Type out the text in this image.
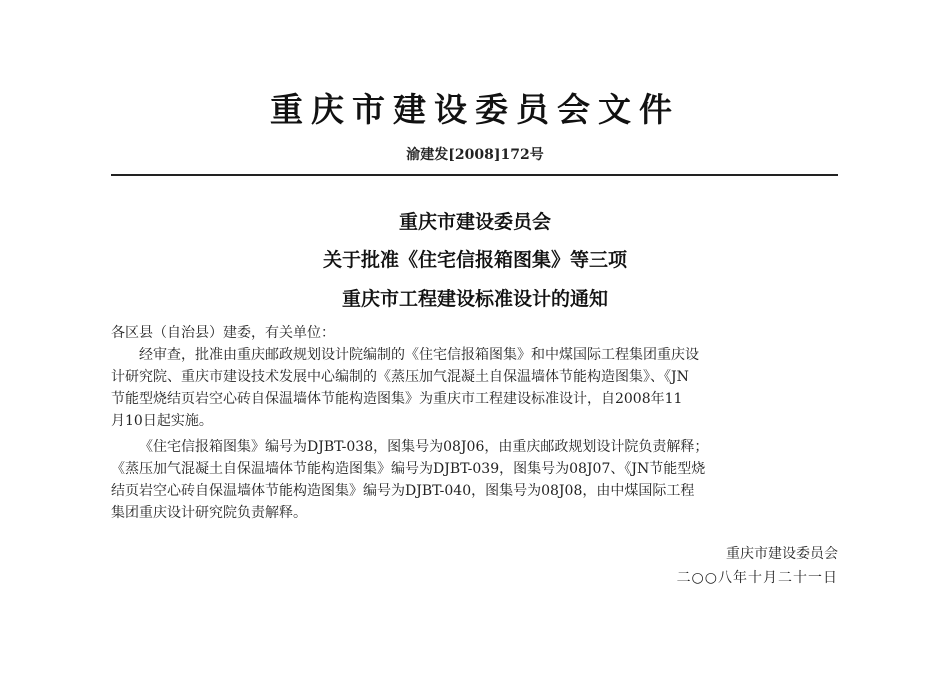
重庆市建设委员会文件
渝建发[2008]172号
重庆市建设委员会
关于批准《住宅信报箱图集》等三项
重庆市工程建设标准设计的通知
各区县（自治县）建委，有关单位：
经审查，批准由重庆邮政规划设计院编制的《住宅信报箱图集》和中煤国际工程集团重庆设
计研究院、重庆市建设技术发展中心编制的《蒸压加气混凝土自保温墙体节能构造图集》、《JN
节能型烧结页岩空心砖自保温墙体节能构造图集》为重庆市工程建设标准设计，自2008年11
月10日起实施。
《住宅信报箱图集》编号为DJBT-038，图集号为08J06，由重庆邮政规划设计院负责解释；
《蒸压加气混凝土自保温墙体节能构造图集》编号为DJBT-039，图集号为08J07、《JN节能型烧
结页岩空心砖自保温墙体节能构造图集》编号为DJBT-040，图集号为08J08，由中煤国际工程
集团重庆设计研究院负责解释。
重庆市建设委员会
二○○八年十月二十一日
